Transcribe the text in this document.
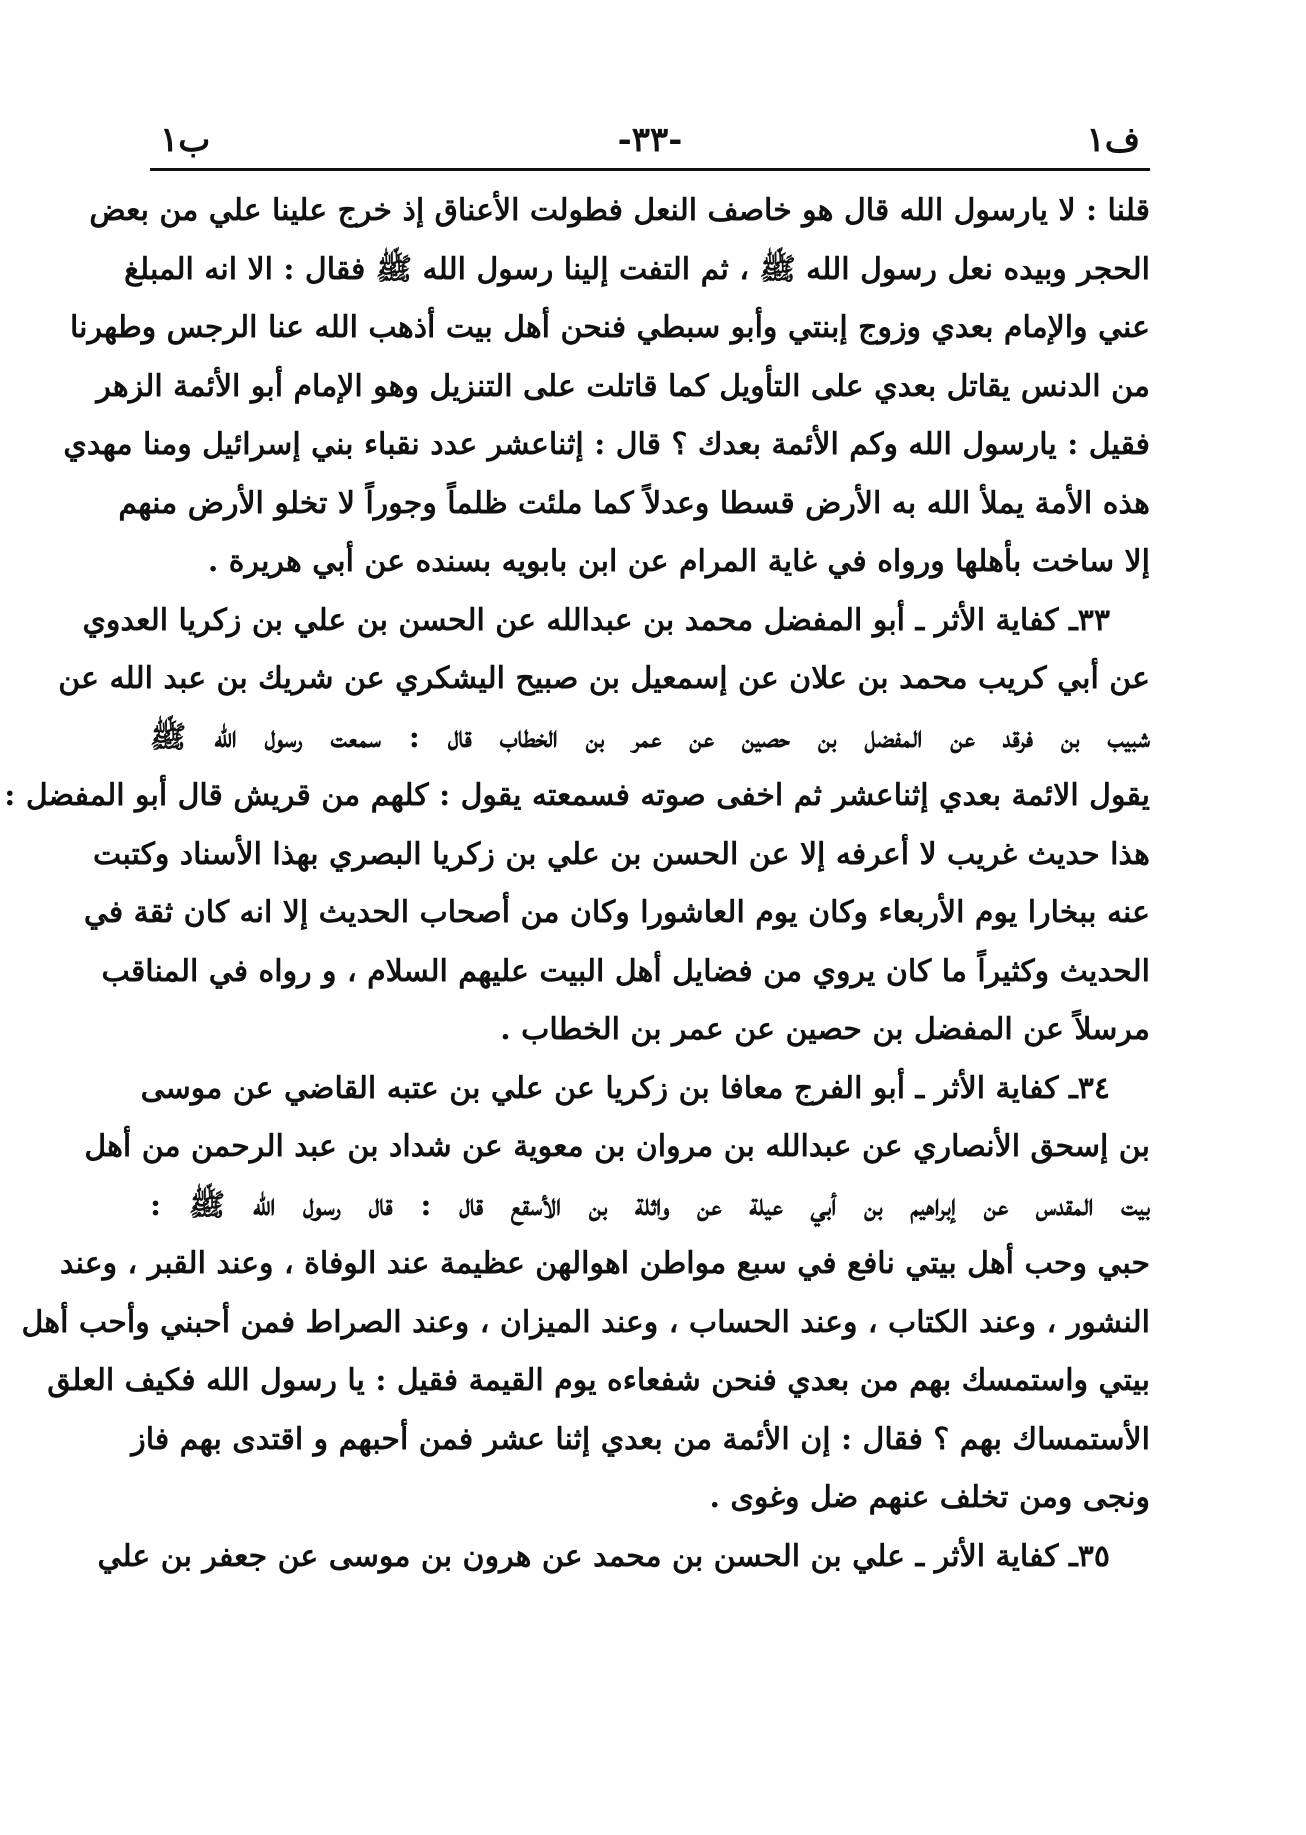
ب١	-٣٣-	ف١
قلنا : لا يارسول الله قال هو خاصف النعل فطولت الأعناق إذ خرج علينا علي من بعض
الحجر وبيده نعل رسول الله ﷺ ، ثم التفت إلينا رسول الله ﷺ فقال : الا انه المبلغ
عني والإمام بعدي وزوج إبنتي وأبو سبطي فنحن أهل بيت أذهب الله عنا الرجس وطهرنا
من الدنس يقاتل بعدي على التأويل كما قاتلت على التنزيل وهو الإمام أبو الأئمة الزهر
فقيل : يارسول الله وكم الأئمة بعدك ؟ قال : إثناعشر عدد نقباء بني إسرائيل ومنا مهدي
هذه الأمة يملأ الله به الأرض قسطا وعدلاً كما ملئت ظلماً وجوراً لا تخلو الأرض منهم
إلا ساخت بأهلها ورواه في غاية المرام عن ابن بابويه بسنده عن أبي هريرة .
٣٣ـ كفاية الأثر ـ أبو المفضل محمد بن عبدالله عن الحسن بن علي بن زكريا العدوي
عن أبي كريب محمد بن علان عن إسمعيل بن صبيح اليشكري عن شريك بن عبد الله عن
شبيب بن فرقد عن المفضل بن حصين عن عمر بن الخطاب قال : سمعت رسول الله ﷺ
يقول الائمة بعدي إثناعشر ثم اخفى صوته فسمعته يقول : كلهم من قريش قال أبو المفضل :
هذا حديث غريب لا أعرفه إلا عن الحسن بن علي بن زكريا البصري بهذا الأسناد وكتبت
عنه ببخارا يوم الأربعاء وكان يوم العاشورا وكان من أصحاب الحديث إلا انه كان ثقة في
الحديث وكثيراً ما كان يروي من فضايل أهل البيت عليهم السلام ، و رواه في المناقب
مرسلاً عن المفضل بن حصين عن عمر بن الخطاب .
٣٤ـ كفاية الأثر ـ أبو الفرج معافا بن زكريا عن علي بن عتبه القاضي عن موسى
بن إسحق الأنصاري عن عبدالله بن مروان بن معوية عن شداد بن عبد الرحمن من أهل
بيت المقدس عن إبراهيم بن أبي عيلة عن واثلة بن الأسقع قال : قال رسول الله ﷺ :
حبي وحب أهل بيتي نافع في سبع مواطن اهوالهن عظيمة عند الوفاة ، وعند القبر ، وعند
النشور ، وعند الكتاب ، وعند الحساب ، وعند الميزان ، وعند الصراط فمن أحبني وأحب أهل
بيتي واستمسك بهم من بعدي فنحن شفعاءه يوم القيمة فقيل : يا رسول الله فكيف العلق
الأستمساك بهم ؟ فقال : إن الأئمة من بعدي إثنا عشر فمن أحبهم و اقتدى بهم فاز
ونجى ومن تخلف عنهم ضل وغوى .
٣٥ـ كفاية الأثر ـ علي بن الحسن بن محمد عن هرون بن موسى عن جعفر بن علي
